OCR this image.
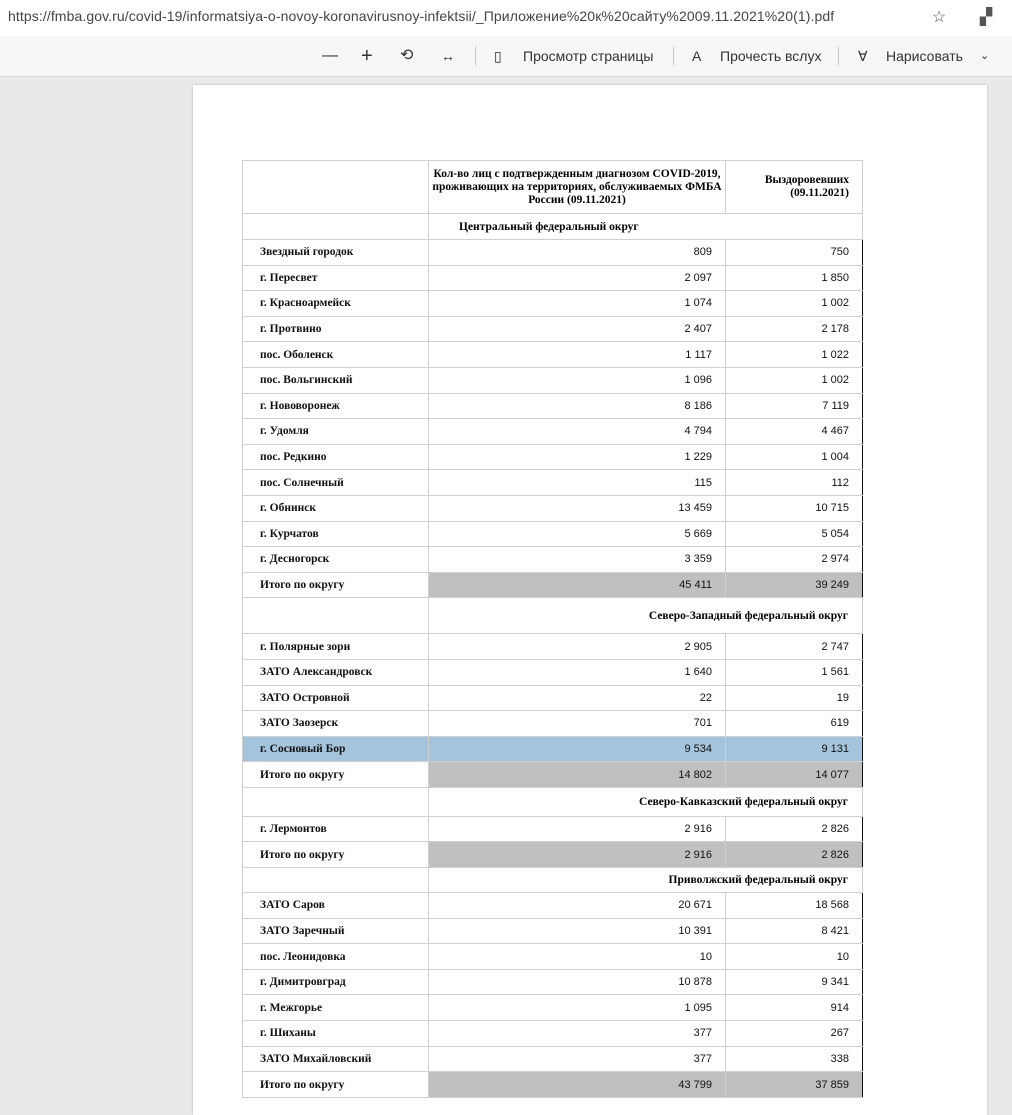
https://fmba.gov.ru/covid-19/informatsiya-o-novoy-koronavirusnoy-infektsii/_Приложение%20к%20сайту%2009.11.2021%20(1).pdf	☆	▞
— + ⟲ ↔	▯ Просмотр страницы	A Прочесть вслух	∀ Нарисовать ⌄
	Кол-во лиц с подтвержденным диагнозом COVID-2019, проживающих на территориях, обслуживаемых ФМБА России (09.11.2021)	Выздоровевших (09.11.2021)
	Центральный федеральный округ	
Звездный городок	809	750
г. Пересвет	2 097	1 850
г. Красноармейск	1 074	1 002
г. Протвино	2 407	2 178
пос. Оболенск	1 117	1 022
пос. Вольгинский	1 096	1 002
г. Нововоронеж	8 186	7 119
г. Удомля	4 794	4 467
пос. Редкино	1 229	1 004
пос. Солнечный	115	112
г. Обнинск	13 459	10 715
г. Курчатов	5 669	5 054
г. Десногорск	3 359	2 974
Итого по округу	45 411	39 249
	Северо-Западный федеральный округ	
г. Полярные зори	2 905	2 747
ЗАТО Александровск	1 640	1 561
ЗАТО Островной	22	19
ЗАТО Заозерск	701	619
г. Сосновый Бор	9 534	9 131
Итого по округу	14 802	14 077
	Северо-Кавказский федеральный округ	
г. Лермонтов	2 916	2 826
Итого по округу	2 916	2 826
	Приволжский федеральный округ	
ЗАТО Саров	20 671	18 568
ЗАТО Заречный	10 391	8 421
пос. Леонидовка	10	10
г. Димитровград	10 878	9 341
г. Межгорье	1 095	914
г. Шиханы	377	267
ЗАТО Михайловский	377	338
Итого по округу	43 799	37 859
